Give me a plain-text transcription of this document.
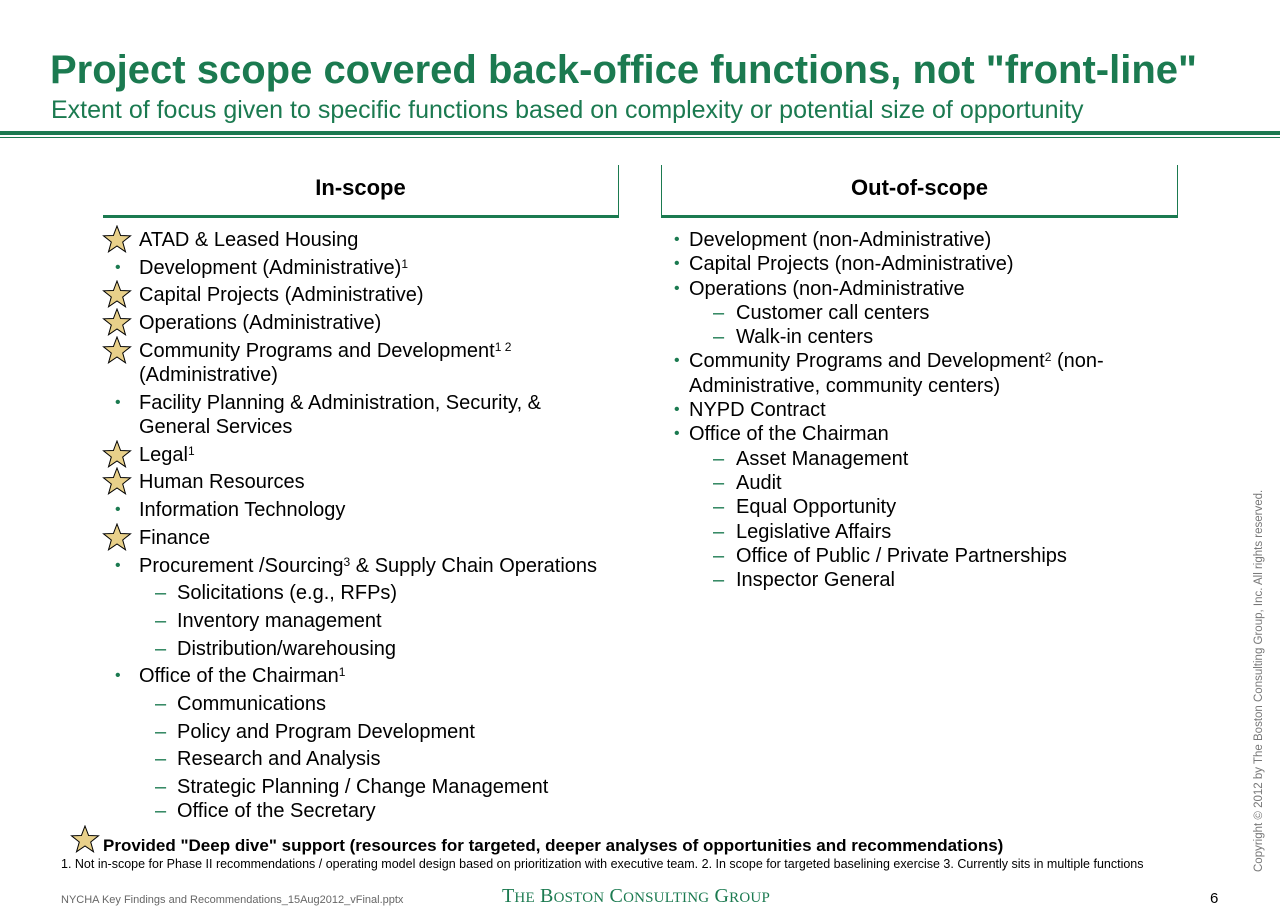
Project scope covered back-office functions, not "front-line"
Extent of focus given to specific functions based on complexity or potential size of opportunity
In-scope	Out-of-scope
ATAD & Leased Housing
• Development (Administrative)$^1$
Capital Projects (Administrative)
Operations (Administrative)
Community Programs and Development$^{1 2}$
(Administrative)
• Facility Planning & Administration, Security, &
General Services
Legal$^1$
Human Resources
• Information Technology
Finance
• Procurement /Sourcing$^3$ & Supply Chain Operations
– Solicitations (e.g., RFPs)
– Inventory management
– Distribution/warehousing
• Office of the Chairman$^1$
– Communications
– Policy and Program Development
– Research and Analysis
– Strategic Planning / Change Management
– Office of the Secretary
• Development (non-Administrative)
• Capital Projects (non-Administrative)
• Operations (non-Administrative
– Customer call centers
– Walk-in centers
• Community Programs and Development$^2$ (non-
Administrative, community centers)
• NYPD Contract
• Office of the Chairman
– Asset Management
– Audit
– Equal Opportunity
– Legislative Affairs
– Office of Public / Private Partnerships
– Inspector General
Provided "Deep dive" support (resources for targeted, deeper analyses of opportunities and recommendations)
1. Not in-scope for Phase II recommendations / operating model design based on prioritization with executive team. 2. In scope for targeted baselining exercise 3. Currently sits in multiple functions
NYCHA Key Findings and Recommendations_15Aug2012_vFinal.pptx	THE BOSTON CONSULTING GROUP	6
Copyright © 2012 by The Boston Consulting Group, Inc. All rights reserved.
